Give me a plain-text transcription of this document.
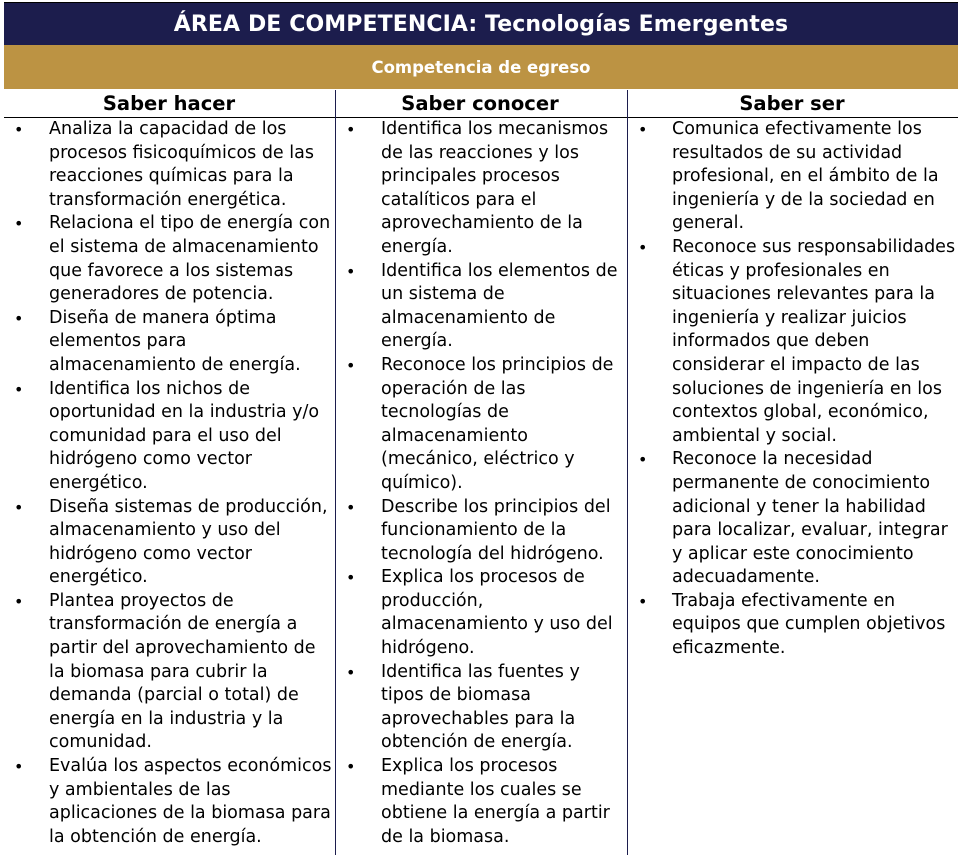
ÁREA DE COMPETENCIA: Tecnologías Emergentes
Competencia de egreso
Saber hacer	Saber conocer	Saber ser
• Analiza la capacidad de los procesos fisicoquímicos de las reacciones químicas para la transformación energética.
• Relaciona el tipo de energía con el sistema de almacenamiento que favorece a los sistemas generadores de potencia.
• Diseña de manera óptima elementos para almacenamiento de energía.
• Identifica los nichos de oportunidad en la industria y/o comunidad para el uso del hidrógeno como vector energético.
• Diseña sistemas de producción, almacenamiento y uso del hidrógeno como vector energético.
• Plantea proyectos de transformación de energía a partir del aprovechamiento de la biomasa para cubrir la demanda (parcial o total) de energía en la industria y la comunidad.
• Evalúa los aspectos económicos y ambientales de las aplicaciones de la biomasa para la obtención de energía.
• Identifica los mecanismos de las reacciones y los principales procesos catalíticos para el aprovechamiento de la energía.
• Identifica los elementos de un sistema de almacenamiento de energía.
• Reconoce los principios de operación de las tecnologías de almacenamiento (mecánico, eléctrico y químico).
• Describe los principios del funcionamiento de la tecnología del hidrógeno.
• Explica los procesos de producción, almacenamiento y uso del hidrógeno.
• Identifica las fuentes y tipos de biomasa aprovechables para la obtención de energía.
• Explica los procesos mediante los cuales se obtiene la energía a partir de la biomasa.
• Comunica efectivamente los resultados de su actividad profesional, en el ámbito de la ingeniería y de la sociedad en general.
• Reconoce sus responsabilidades éticas y profesionales en situaciones relevantes para la ingeniería y realizar juicios informados que deben considerar el impacto de las soluciones de ingeniería en los contextos global, económico, ambiental y social.
• Reconoce la necesidad permanente de conocimiento adicional y tener la habilidad para localizar, evaluar, integrar y aplicar este conocimiento adecuadamente.
• Trabaja efectivamente en equipos que cumplen objetivos eficazmente.
